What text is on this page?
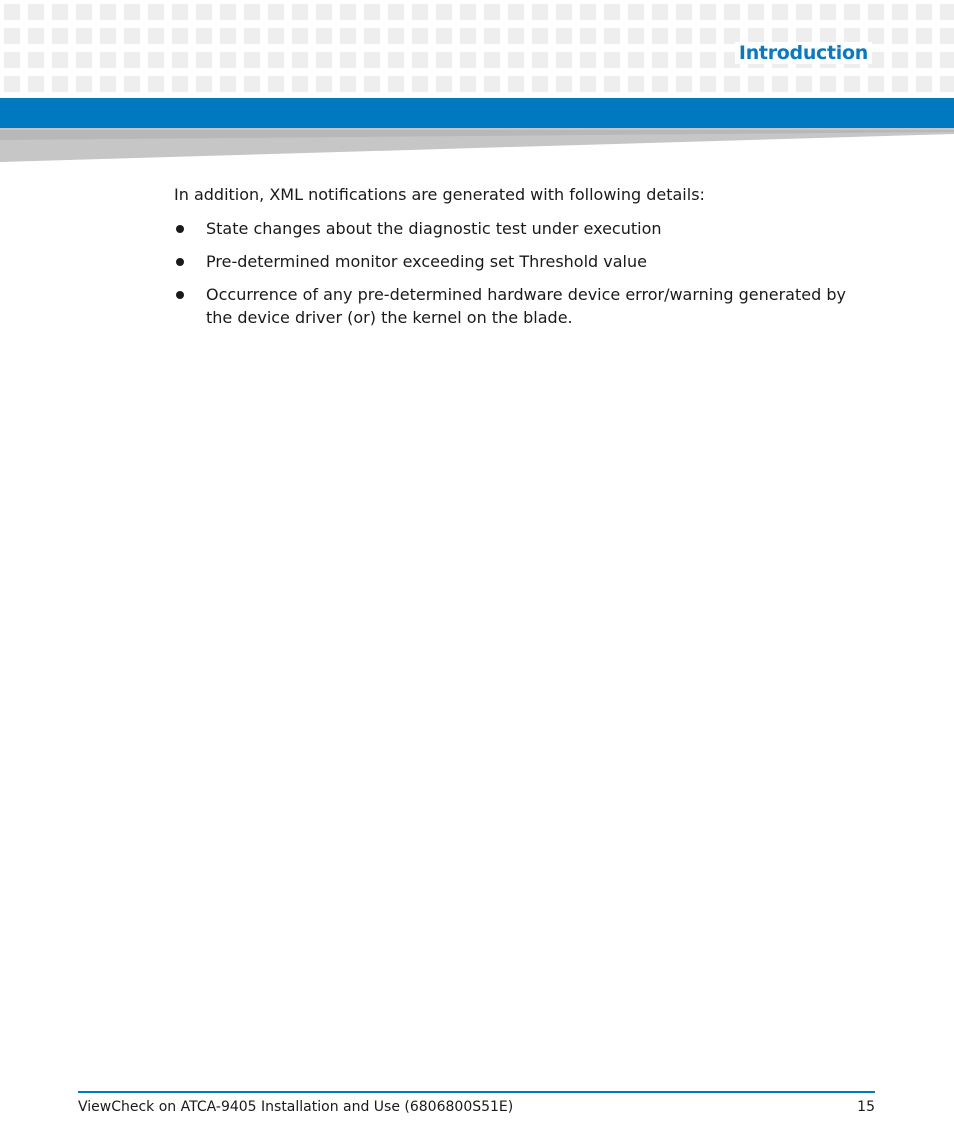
Introduction

In addition, XML notifications are generated with following details:

State changes about the diagnostic test under execution
Pre-determined monitor exceeding set Threshold value
Occurrence of any pre-determined hardware device error/warning generated by the device driver (or) the kernel on the blade.
ViewCheck on ATCA-9405 Installation and Use (6806800S51E)	15
